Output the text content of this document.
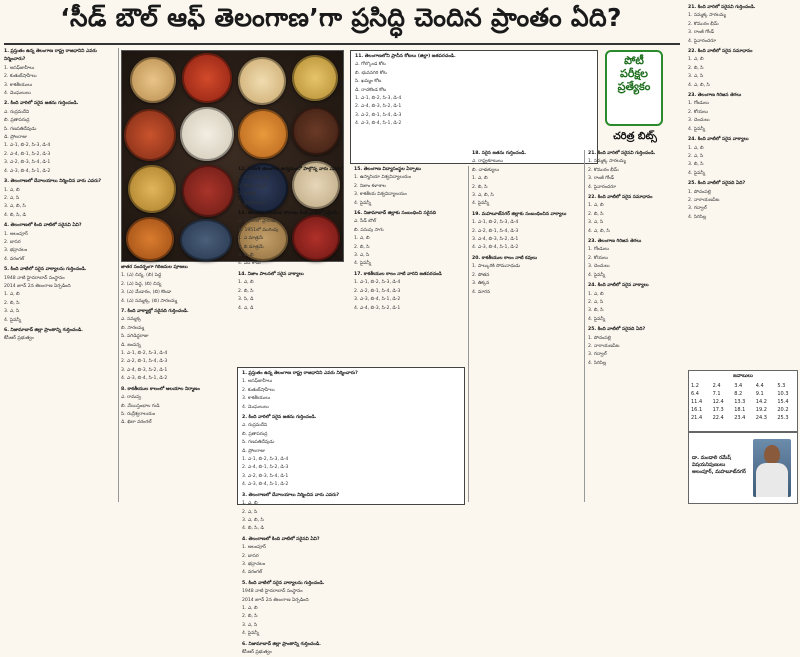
‘సీడ్ బౌల్ ఆఫ్ తెలంగాణ’గా ప్రసిద్ధి చెందిన ప్రాంతం ఏది?

1. ప్రస్తుతం ఉన్న తెలంగాణ రాష్ట్ర రాజధానిని ఎవరు నిర్మించారు?
1. అసఫ్‌జాహీలు
2. కుతుబ్‌షాహీలు
3. కాకతీయులు
4. మొఘలులు

2. కింది వారిలో సరైన జతను గుర్తించండి.
ఎ. రుద్రమదేవి
బి. ప్రతాపరుద్ర
సి. గణపతిదేవుడు
డి. ప్రోలరాజు
1. ఎ-1, బి-2, సి-3, డి-4
2. ఎ-4, బి-1, సి-2, డి-3
3. ఎ-2, బి-3, సి-4, డి-1
4. ఎ-3, బి-4, సి-1, డి-2

3. తెలంగాణలో దేవాలయాలు నిర్మించిన వారు ఎవరు?
1. ఎ, బి
2. ఎ, సి
3. ఎ, బి, సి
4. బి, సి, డి

4. తెలంగాణలో కింది వాటిలో సరైనవి ఏవి?
1. అలంపూర్
2. బాసర
3. భద్రాచలం
4. వరంగల్

5. కింది వాటిలో సరైన వాక్యాలను గుర్తించండి.
1948 నాటి హైదరాబాద్ సంస్థానం
2014 జూన్ 2న తెలంగాణ ఏర్పడింది
1. ఎ, బి
2. బి, సి
3. ఎ, సి
4. పైవన్నీ

6. నిజామాబాద్ జిల్లా ప్రాంతాన్ని గుర్తించండి.
కేసీఆర్ ప్రభుత్వం

జాతర సందర్భంగా గిరిజనుల పూజలు
1. (ఎ) చిన్న, (బి) పెద్ద
2. (ఎ) పెద్ద, (బి) చిన్న
3. (ఎ) మేడారం, (బి) కొండా
4. (ఎ) సమ్మక్క, (బి) సారలమ్మ

7. కింది వాక్యాల్లో సరైనది గుర్తించండి.
ఎ. సమ్మక్క
బి. సారలమ్మ
సి. పగిడిద్దరాజు
డి. జంపన్న
1. ఎ-1, బి-2, సి-3, డి-4
2. ఎ-2, బి-1, సి-4, డి-3
3. ఎ-4, బి-3, సి-2, డి-1
4. ఎ-3, బి-4, సి-1, డి-2

8. కాకతీయుల కాలంలో ఆలయాల నిర్మాణం
ఎ. రామప్ప
బి. వేయిస్తంభాల గుడి
సి. రుద్రేశ్వరాలయం
డి. ఖిలా వరంగల్

11. తెలంగాణలోని ప్రాచీన కోటలు (జిల్లా) జతపరచండి.
ఎ. గోల్కొండ కోట
బి. భువనగిరి కోట
సి. ఖమ్మం కోట
డి. రాచకొండ కోట
1. ఎ-1, బి-2, సి-3, డి-4
2. ఎ-4, బి-3, సి-2, డి-1
3. ఎ-2, బి-1, సి-4, డి-3
4. ఎ-3, బి-4, సి-1, డి-2

పోటీ
పరీక్షల
ప్రత్యేకం
చరిత్ర బిట్స్

12. 1969 తెలంగాణ ఉద్యమంలో పాల్గొన్న వారు ఎవరు?
1. మర్రి చెన్నారెడ్డి
2. కొండా లక్ష్మణ్
3. కాళోజీ
4. పైవారందరూ

13. తెలంగాణ సాయుధ పోరాటం కింది వాటిలో సరైనది.
ఎ. 1946లో ప్రారంభం
బి. 1951లో ముగింపు
1. ఎ మాత్రమే
2. బి మాత్రమే
3. ఎ, బి
4. ఏదీ కాదు

14. నిజాం పాలనలో సరైన వాక్యాలు
1. ఎ, బి
2. బి, సి
3. సి, డి
4. ఎ, డి

1. ప్రస్తుతం ఉన్న తెలంగాణ రాష్ట్ర రాజధానిని ఎవరు నిర్మించారు?
1. అసఫ్‌జాహీలు
2. కుతుబ్‌షాహీలు
3. కాకతీయులు
4. మొఘలులు

2. కింది వారిలో సరైన జతను గుర్తించండి.
ఎ. రుద్రమదేవి
బి. ప్రతాపరుద్ర
సి. గణపతిదేవుడు
డి. ప్రోలరాజు
1. ఎ-1, బి-2, సి-3, డి-4
2. ఎ-4, బి-1, సి-2, డి-3
3. ఎ-2, బి-3, సి-4, డి-1
4. ఎ-3, బి-4, సి-1, డి-2

3. తెలంగాణలో దేవాలయాలు నిర్మించిన వారు ఎవరు?
1. ఎ, బి
2. ఎ, సి
3. ఎ, బి, సి
4. బి, సి, డి

4. తెలంగాణలో కింది వాటిలో సరైనవి ఏవి?
1. అలంపూర్
2. బాసర
3. భద్రాచలం
4. వరంగల్

5. కింది వాటిలో సరైన వాక్యాలను గుర్తించండి.
1948 నాటి హైదరాబాద్ సంస్థానం
2014 జూన్ 2న తెలంగాణ ఏర్పడింది
1. ఎ, బి
2. బి, సి
3. ఎ, సి
4. పైవన్నీ

6. నిజామాబాద్ జిల్లా ప్రాంతాన్ని గుర్తించండి.
కేసీఆర్ ప్రభుత్వం

15. తెలంగాణ విద్యాసంస్థల ఏర్పాటు
1. ఉస్మానియా విశ్వవిద్యాలయం
2. నిజాం కళాశాల
3. కాకతీయ విశ్వవిద్యాలయం
4. పైవన్నీ

16. నిజామాబాద్ జిల్లాకు సంబంధించి సరైనది
ఎ. సీడ్ బౌల్
బి. పసుపు సాగు
1. ఎ, బి
2. బి, సి
3. ఎ, సి
4. పైవన్నీ

17. కాకతీయుల కాలం నాటి వారిని జతపరచండి
1. ఎ-1, బి-2, సి-3, డి-4
2. ఎ-2, బి-1, సి-4, డి-3
3. ఎ-3, బి-4, సి-1, డి-2
4. ఎ-4, బి-3, సి-2, డి-1

18. సరైన జతను గుర్తించండి.
ఎ. రాష్ట్రకూటులు
బి. చాళుక్యులు
1. ఎ, బి
2. బి, సి
3. ఎ, బి, సి
4. పైవన్నీ

19. మహబూబ్‌నగర్ జిల్లాకు సంబంధించిన వాక్యాలు
1. ఎ-1, బి-2, సి-3, డి-4
2. ఎ-2, బి-1, సి-4, డి-3
3. ఎ-4, బి-3, సి-2, డి-1
4. ఎ-3, బి-4, సి-1, డి-2

20. కాకతీయుల కాలం నాటి కవులు
1. పాల్కురికి సోమనాథుడు
2. పోతన
3. తిక్కన
4. మారన

21. కింది వారిలో సరైనవి గుర్తించండి.
1. సమ్మక్క సారలమ్మ
2. కొమురం భీమ్
3. రాంజీ గోండ్
4. పైవారందరూ

22. కింది వాటిలో సరైన సమాధానం
1. ఎ, బి
2. బి, సి
3. ఎ, సి
4. ఎ, బి, సి

23. తెలంగాణ గిరిజన తెగలు
1. గోండులు
2. కోయలు
3. చెంచులు
4. పైవన్నీ

24. కింది వాటిలో సరైన వాక్యాలు
1. ఎ, బి
2. ఎ, సి
3. బి, సి
4. పైవన్నీ

25. కింది వాటిలో సరైనది ఏది?
1. పోచంపల్లి
2. నారాయణపేట
3. గద్వాల్
4. సిరిసిల్ల

21. కింది వారిలో సరైనవి గుర్తించండి.
1. సమ్మక్క సారలమ్మ
2. కొమురం భీమ్
3. రాంజీ గోండ్
4. పైవారందరూ

22. కింది వాటిలో సరైన సమాధానం
1. ఎ, బి
2. బి, సి
3. ఎ, సి
4. ఎ, బి, సి

23. తెలంగాణ గిరిజన తెగలు
1. గోండులు
2. కోయలు
3. చెంచులు
4. పైవన్నీ

24. కింది వాటిలో సరైన వాక్యాలు
1. ఎ, బి
2. ఎ, సి
3. బి, సి
4. పైవన్నీ

25. కింది వాటిలో సరైనది ఏది?
1. పోచంపల్లి
2. నారాయణపేట
3. గద్వాల్
4. సిరిసిల్ల

జవాబులు
1.2	2.4	3.4	4.4	5.3
6.4	7.1	8.2	9.1	10.3
11.4	12.4	13.3	14.2	15.4
16.1	17.3	18.1	19.2	20.2
21.4	22.4	23.4	24.3	25.3
డా. మండాలి రమేష్
విషయనిపుణులు
అలంపూర్, మహబూబ్‌నగర్
